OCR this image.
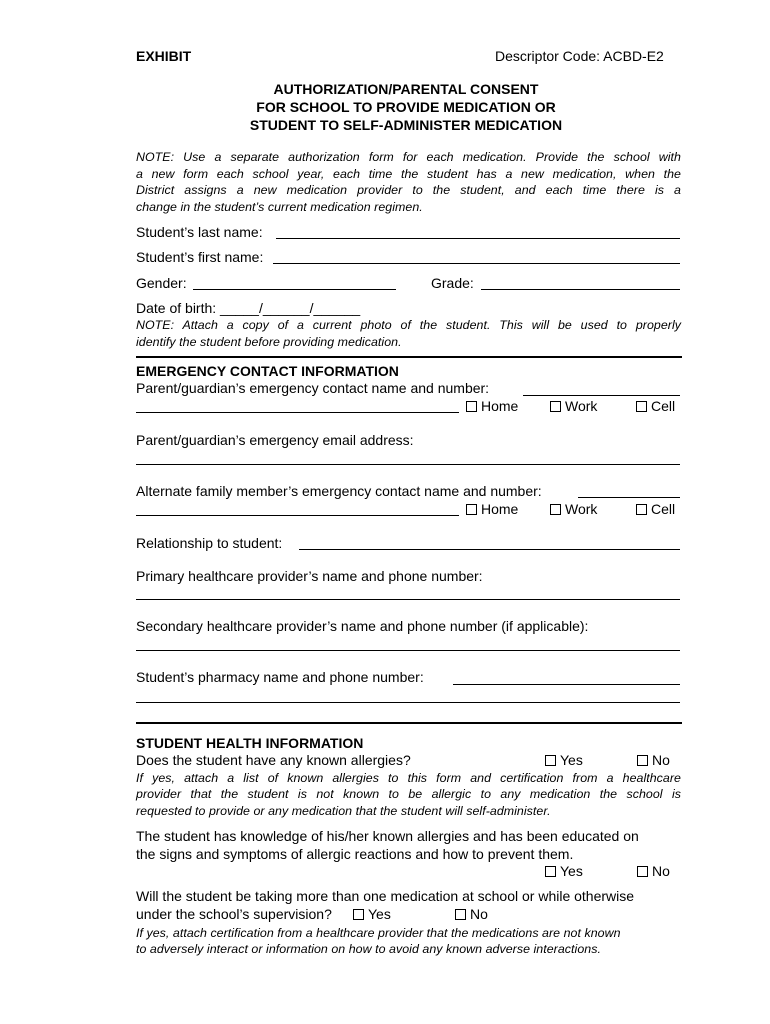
EXHIBIT	Descriptor Code: ACBD-E2
AUTHORIZATION/PARENTAL CONSENT
FOR SCHOOL TO PROVIDE MEDICATION OR
STUDENT TO SELF-ADMINISTER MEDICATION
NOTE: Use a separate authorization form for each medication. Provide the school with
a new form each school year, each time the student has a new medication, when the
District assigns a new medication provider to the student, and each time there is a
change in the student’s current medication regimen.
Student’s last name:
Student’s first name:
Gender:	Grade:
Date of birth: _____/______/______
NOTE: Attach a copy of a current photo of the student. This will be used to properly
identify the student before providing medication.
EMERGENCY CONTACT INFORMATION
Parent/guardian’s emergency contact name and number:
Home	Work	Cell
Parent/guardian’s emergency email address:
Alternate family member’s emergency contact name and number:
Home	Work	Cell
Relationship to student:
Primary healthcare provider’s name and phone number:
Secondary healthcare provider’s name and phone number (if applicable):
Student’s pharmacy name and phone number:
STUDENT HEALTH INFORMATION
Does the student have any known allergies?	Yes	No
If yes, attach a list of known allergies to this form and certification from a healthcare
provider that the student is not known to be allergic to any medication the school is
requested to provide or any medication that the student will self-administer.
The student has knowledge of his/her known allergies and has been educated on
the signs and symptoms of allergic reactions and how to prevent them.
Yes	No
Will the student be taking more than one medication at school or while otherwise
under the school’s supervision?	Yes	No
If yes, attach certification from a healthcare provider that the medications are not known
to adversely interact or information on how to avoid any known adverse interactions.
